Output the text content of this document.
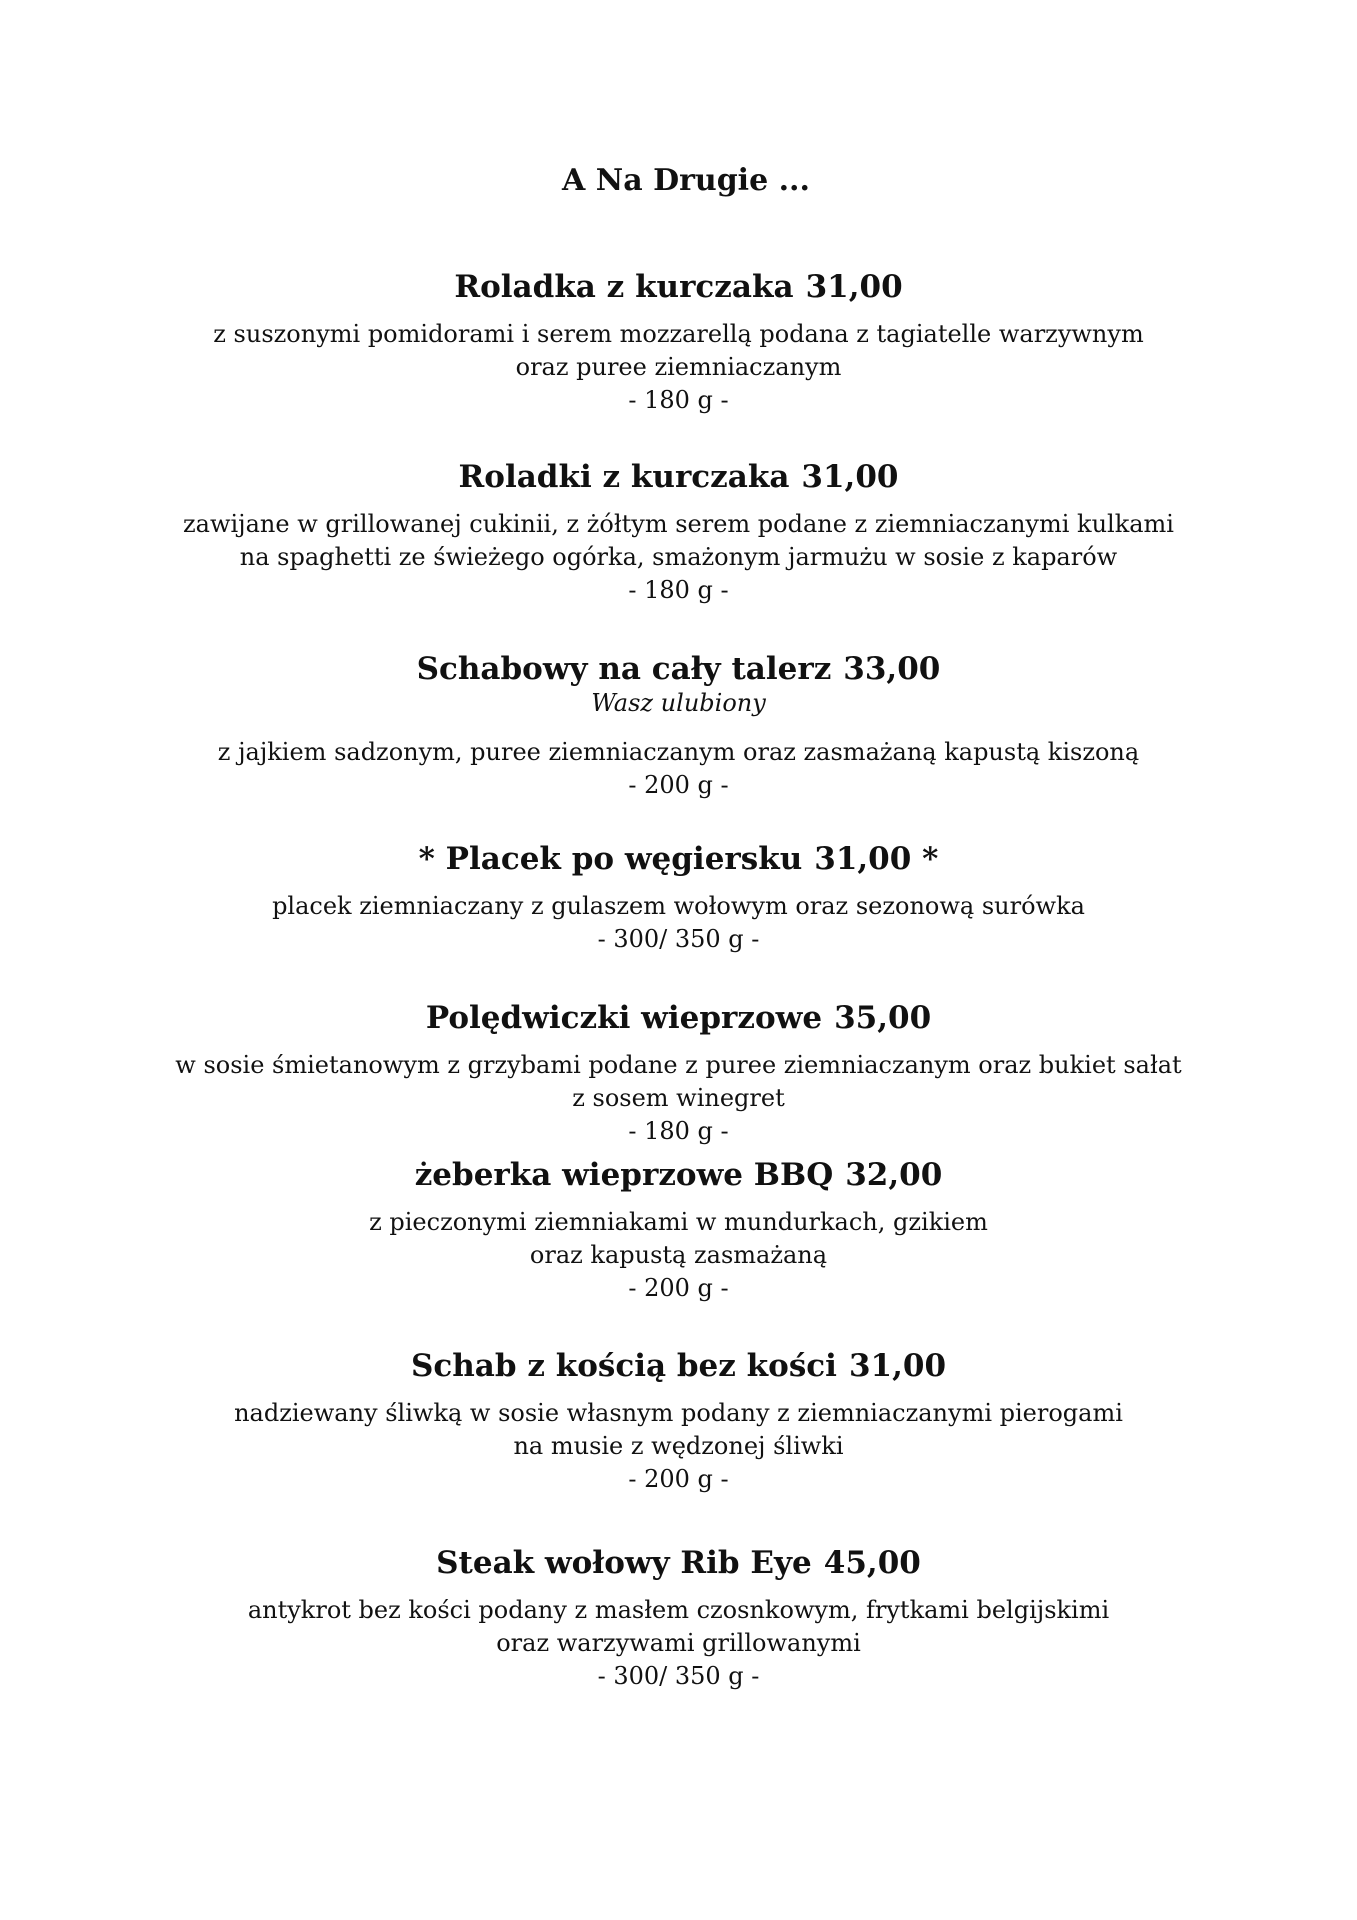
A Na Drugie ...

Roladka z kurczaka 31,00

z suszonymi pomidorami i serem mozzarellą podana z tagiatelle warzywnym

oraz puree ziemniaczanym

- 180 g -

Roladki z kurczaka 31,00

zawijane w grillowanej cukinii, z żółtym serem podane z ziemniaczanymi kulkami

na spaghetti ze świeżego ogórka, smażonym jarmużu w sosie z kaparów

- 180 g -

Schabowy na cały talerz 33,00

Wasz ulubiony

z jajkiem sadzonym, puree ziemniaczanym oraz zasmażaną kapustą kiszoną

- 200 g -

* Placek po węgiersku 31,00 *

placek ziemniaczany z gulaszem wołowym oraz sezonową surówka

- 300/ 350 g -

Polędwiczki wieprzowe 35,00

w sosie śmietanowym z grzybami podane z puree ziemniaczanym oraz bukiet sałat

z sosem winegret

- 180 g -

żeberka wieprzowe BBQ 32,00

z pieczonymi ziemniakami w mundurkach, gzikiem

oraz kapustą zasmażaną

- 200 g -

Schab z kością bez kości 31,00

nadziewany śliwką w sosie własnym podany z ziemniaczanymi pierogami

na musie z wędzonej śliwki

- 200 g -

Steak wołowy Rib Eye 45,00

antykrot bez kości podany z masłem czosnkowym, frytkami belgijskimi

oraz warzywami grillowanymi

- 300/ 350 g -
